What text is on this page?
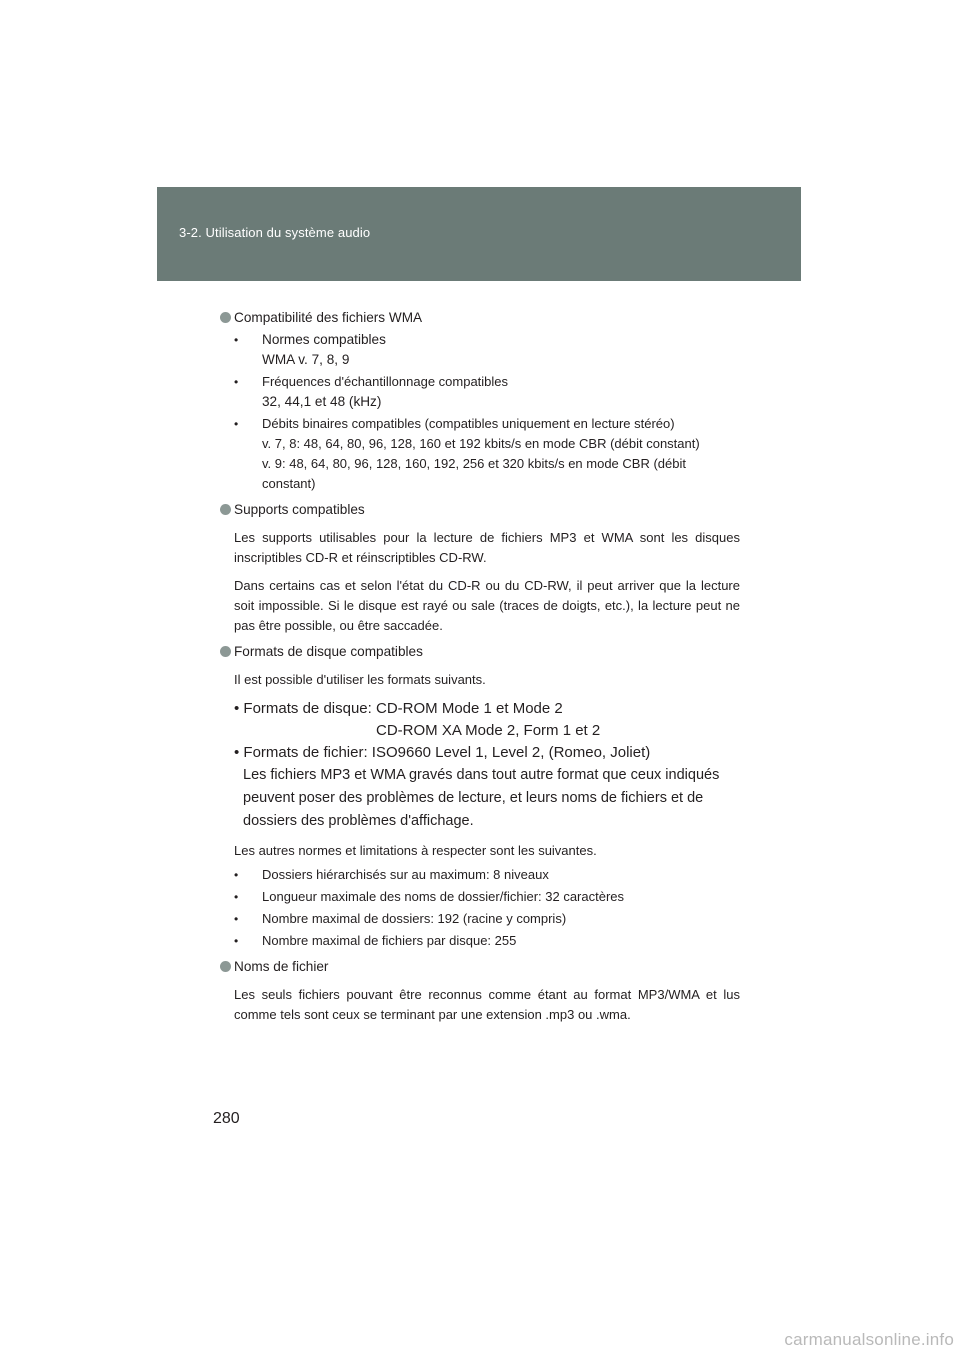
3-2. Utilisation du système audio
Compatibilité des fichiers WMA
•	Normes compatibles
WMA v. 7, 8, 9
•	Fréquences d'échantillonnage compatibles
32, 44,1 et 48 (kHz)
•	Débits binaires compatibles (compatibles uniquement en lecture stéréo)
v. 7, 8: 48, 64, 80, 96, 128, 160 et 192 kbits/s en mode CBR (débit constant)
v. 9: 48, 64, 80, 96, 128, 160, 192, 256 et 320 kbits/s en mode CBR (débit constant)
Supports compatibles
Les supports utilisables pour la lecture de fichiers MP3 et WMA sont les disques inscriptibles CD-R et réinscriptibles CD-RW.
Dans certains cas et selon l'état du CD-R ou du CD-RW, il peut arriver que la lecture soit impossible. Si le disque est rayé ou sale (traces de doigts, etc.), la lecture peut ne pas être possible, ou être saccadée.
Formats de disque compatibles
Il est possible d'utiliser les formats suivants.
• Formats de disque: CD-ROM Mode 1 et Mode 2
CD-ROM XA Mode 2, Form 1 et 2
• Formats de fichier: ISO9660 Level 1, Level 2, (Romeo, Joliet)
Les fichiers MP3 et WMA gravés dans tout autre format que ceux indiqués peuvent poser des problèmes de lecture, et leurs noms de fichiers et de dossiers des problèmes d'affichage.
Les autres normes et limitations à respecter sont les suivantes.
•	Dossiers hiérarchisés sur au maximum: 8 niveaux
•	Longueur maximale des noms de dossier/fichier: 32 caractères
•	Nombre maximal de dossiers: 192 (racine y compris)
•	Nombre maximal de fichiers par disque: 255
Noms de fichier
Les seuls fichiers pouvant être reconnus comme étant au format MP3/WMA et lus comme tels sont ceux se terminant par une extension .mp3 ou .wma.
280
carmanualsonline.info
